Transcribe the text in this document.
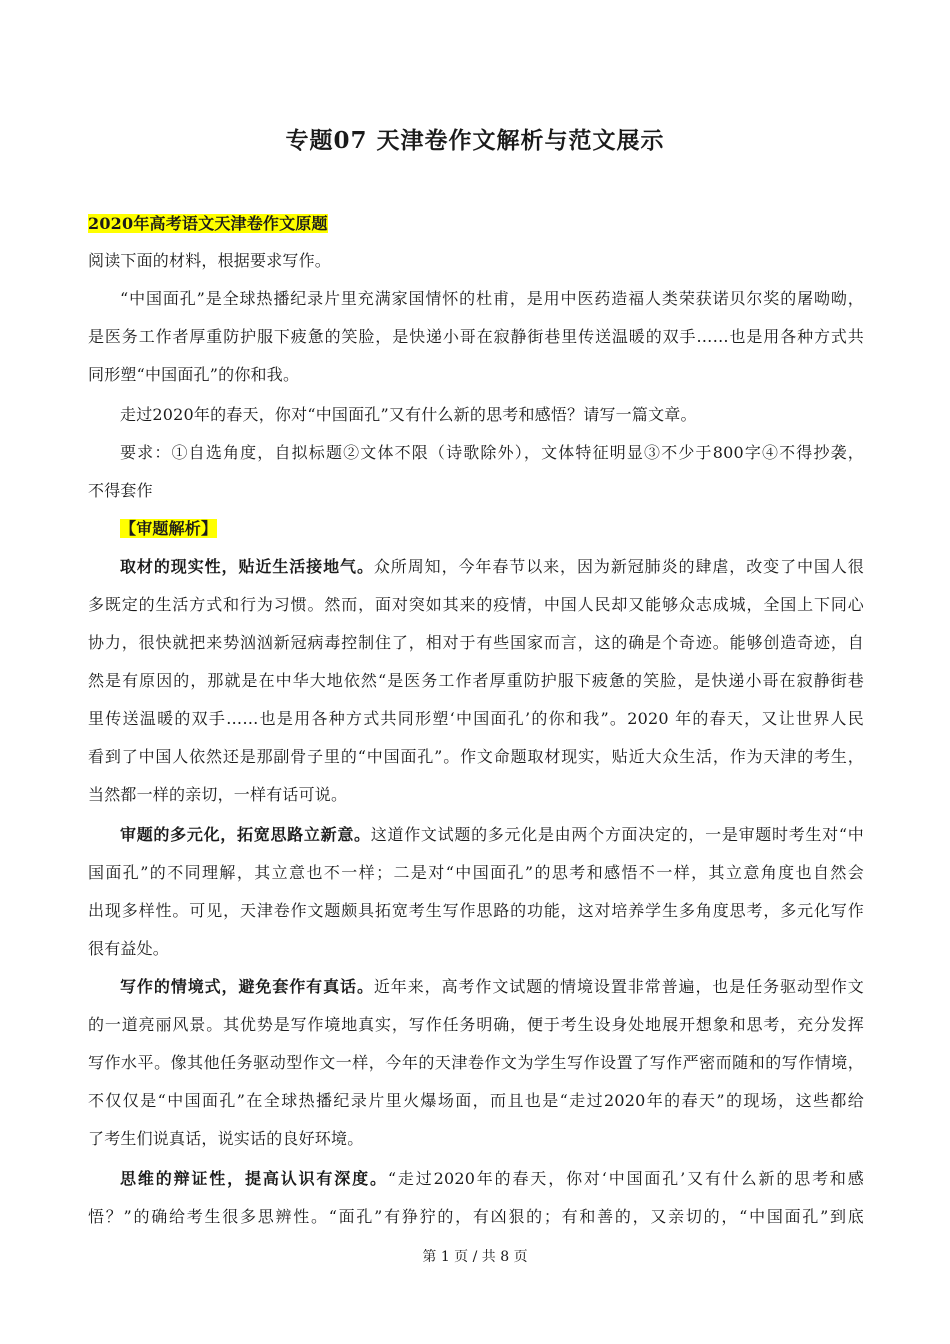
专题07 天津卷作文解析与范文展示
2020年高考语文天津卷作文原题
阅读下面的材料，根据要求写作。
“中国面孔”是全球热播纪录片里充满家国情怀的杜甫，是用中医药造福人类荣获诺贝尔奖的屠呦呦，
是医务工作者厚重防护服下疲惫的笑脸，是快递小哥在寂静街巷里传送温暖的双手……也是用各种方式共
同形塑“中国面孔”的你和我。
走过2020年的春天，你对“中国面孔”又有什么新的思考和感悟？请写一篇文章。
要求：①自选角度，自拟标题②文体不限（诗歌除外），文体特征明显③不少于800字④不得抄袭，
不得套作
【审题解析】
取材的现实性，贴近生活接地气。众所周知，今年春节以来，因为新冠肺炎的肆虐，改变了中国人很
多既定的生活方式和行为习惯。然而，面对突如其来的疫情，中国人民却又能够众志成城，全国上下同心
协力，很快就把来势汹汹新冠病毒控制住了，相对于有些国家而言，这的确是个奇迹。能够创造奇迹，自
然是有原因的，那就是在中华大地依然“是医务工作者厚重防护服下疲惫的笑脸，是快递小哥在寂静街巷
里传送温暖的双手……也是用各种方式共同形塑‘中国面孔’的你和我”。2020 年的春天，又让世界人民
看到了中国人依然还是那副骨子里的“中国面孔”。作文命题取材现实，贴近大众生活，作为天津的考生，
当然都一样的亲切，一样有话可说。
审题的多元化，拓宽思路立新意。这道作文试题的多元化是由两个方面决定的，一是审题时考生对“中
国面孔”的不同理解，其立意也不一样；二是对“中国面孔”的思考和感悟不一样，其立意角度也自然会
出现多样性。可见，天津卷作文题颇具拓宽考生写作思路的功能，这对培养学生多角度思考，多元化写作
很有益处。
写作的情境式，避免套作有真话。近年来，高考作文试题的情境设置非常普遍，也是任务驱动型作文
的一道亮丽风景。其优势是写作境地真实，写作任务明确，便于考生设身处地展开想象和思考，充分发挥
写作水平。像其他任务驱动型作文一样，今年的天津卷作文为学生写作设置了写作严密而随和的写作情境，
不仅仅是“中国面孔”在全球热播纪录片里火爆场面，而且也是“走过2020年的春天”的现场，这些都给
了考生们说真话，说实话的良好环境。
思维的辩证性，提高认识有深度。“走过2020年的春天，你对‘中国面孔’又有什么新的思考和感
悟？”的确给考生很多思辨性。“面孔”有狰狞的，有凶狠的；有和善的，又亲切的，“中国面孔”到底
第 1 页 / 共 8 页
